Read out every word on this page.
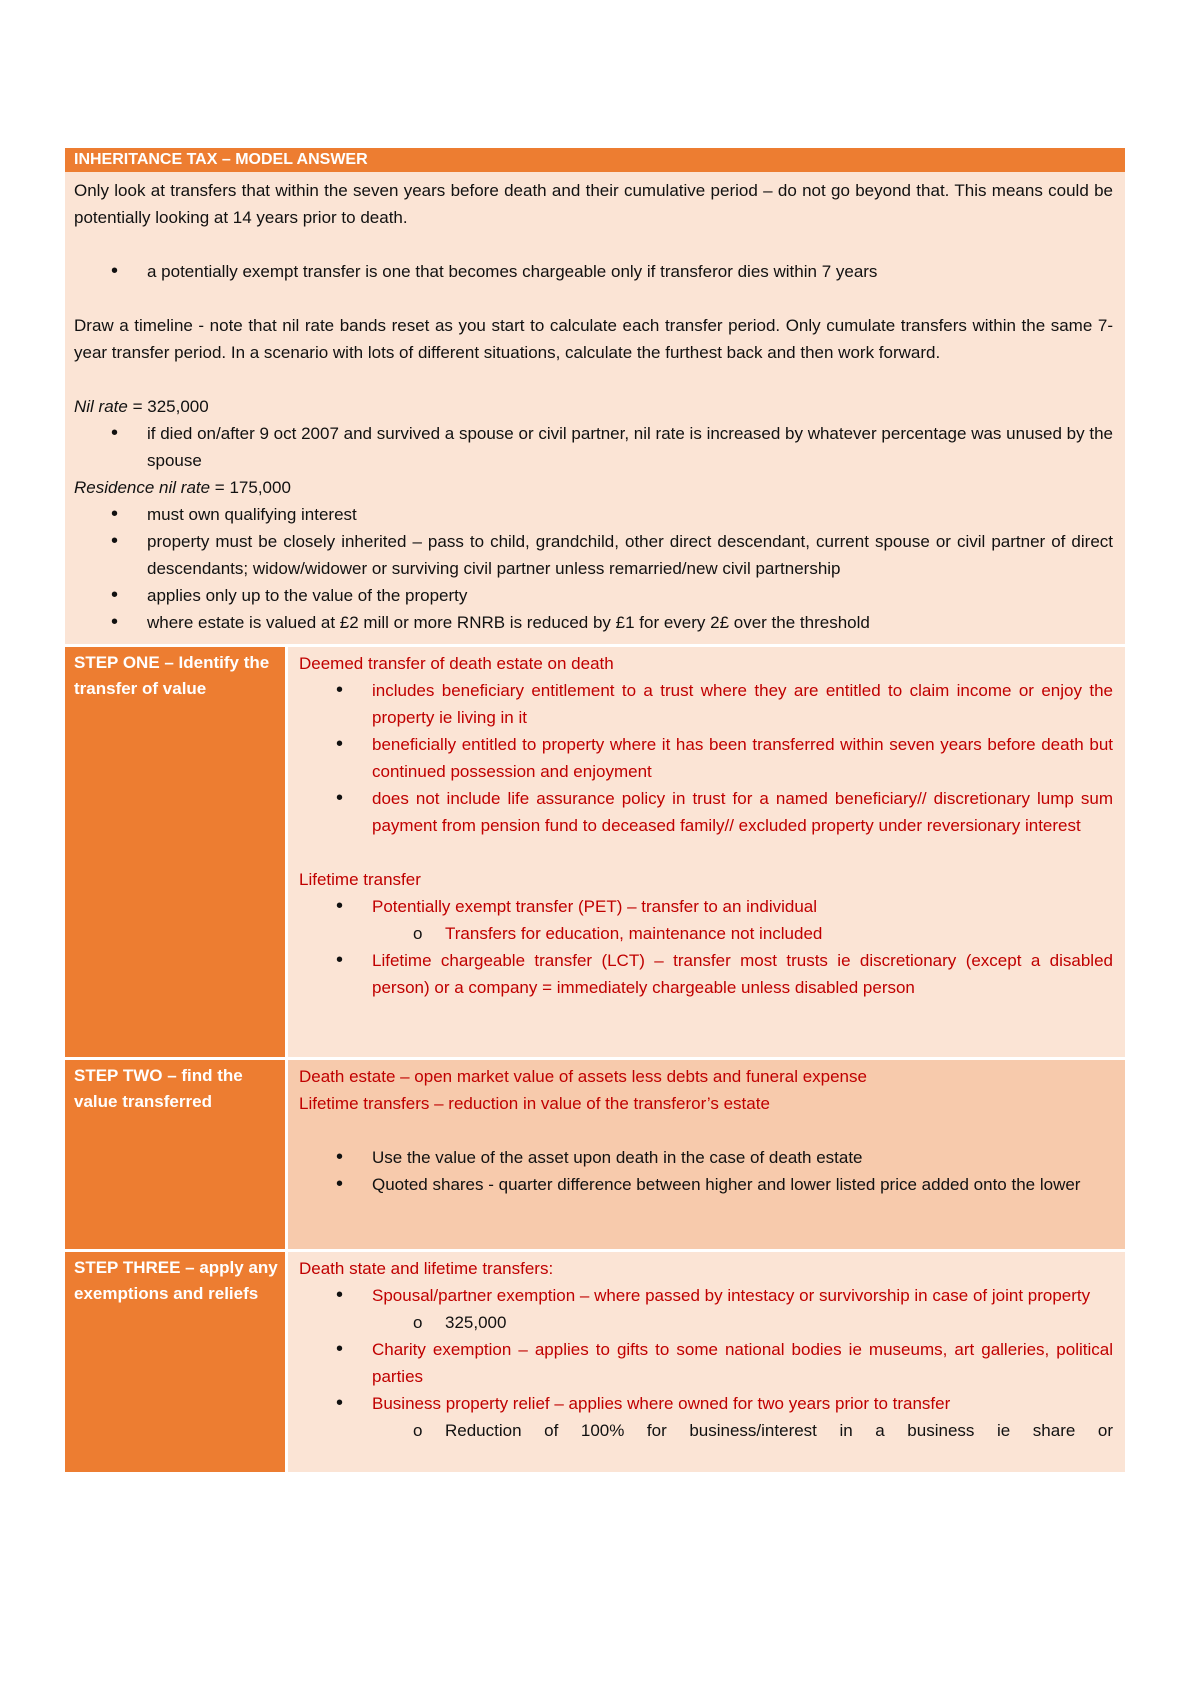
INHERITANCE TAX – MODEL ANSWER

Only look at transfers that within the seven years before death and their cumulative period – do not go beyond that. This means could be potentially looking at 14 years prior to death.

• a potentially exempt transfer is one that becomes chargeable only if transferor dies within 7 years

Draw a timeline - note that nil rate bands reset as you start to calculate each transfer period. Only cumulate transfers within the same 7-year transfer period. In a scenario with lots of different situations, calculate the furthest back and then work forward.

Nil rate = 325,000

• if died on/after 9 oct 2007 and survived a spouse or civil partner, nil rate is increased by whatever percentage was unused by the spouse

Residence nil rate = 175,000

• must own qualifying interest
• property must be closely inherited – pass to child, grandchild, other direct descendant, current spouse or civil partner of direct descendants; widow/widower or surviving civil partner unless remarried/new civil partnership
• applies only up to the value of the property
• where estate is valued at £2 mill or more RNRB is reduced by £1 for every 2£ over the threshold
STEP ONE – Identify the transfer of value

Deemed transfer of death estate on death

• includes beneficiary entitlement to a trust where they are entitled to claim income or enjoy the property ie living in it
• beneficially entitled to property where it has been transferred within seven years before death but continued possession and enjoyment
• does not include life assurance policy in trust for a named beneficiary// discretionary lump sum payment from pension fund to deceased family// excluded property under reversionary interest

Lifetime transfer

• Potentially exempt transfer (PET) – transfer to an individual
o Transfers for education, maintenance not included
• Lifetime chargeable transfer (LCT) – transfer most trusts ie discretionary (except a disabled person) or a company = immediately chargeable unless disabled person
STEP TWO – find the value transferred

Death estate – open market value of assets less debts and funeral expense

Lifetime transfers – reduction in value of the transferor’s estate

• Use the value of the asset upon death in the case of death estate
• Quoted shares - quarter difference between higher and lower listed price added onto the lower
STEP THREE – apply any exemptions and reliefs

Death state and lifetime transfers:

• Spousal/partner exemption – where passed by intestacy or survivorship in case of joint property
o 325,000
• Charity exemption – applies to gifts to some national bodies ie museums, art galleries, political parties
• Business property relief – applies where owned for two years prior to transfer
o Reduction of 100% for business/interest in a business ie share or
